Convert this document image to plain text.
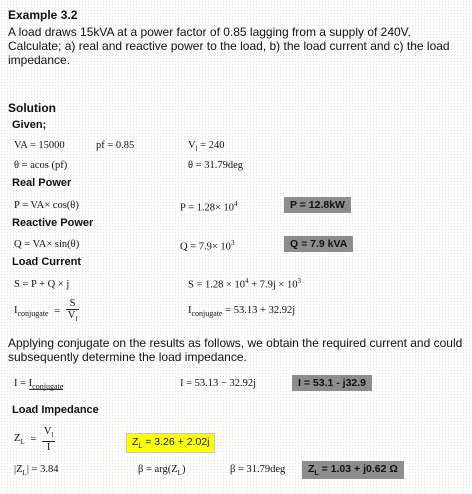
Example 3.2
A load draws 15kVA at a power factor of 0.85 lagging from a supply of 240V. Calculate; a) real and reactive power to the load, b) the load current and c) the load impedance.
Solution
Given;
VA = 15000	pf = 0.85	$V_l = 240$
θ = acos (pf)	θ = 31.79deg
Real Power
P = VA× cos(θ)	$P = 1.28\times 10^4$	P = 12.8kW
Reactive Power
Q = VA× sin(θ)	$Q = 7.9\times 10^3$	Q = 7.9 kVA
Load Current
S = P + Q × j	$S = 1.28 \times 10^4 + 7.9j \times 10^3$
$I_{conjugate} = \frac{S}{V_l}$	$I_{conjugate} = 53.13 + 32.92j$
Applying conjugate on the results as follows, we obtain the required current and could subsequently determine the load impedance.
$I = I_{conjugate}$	I = 53.13 − 32.92j	I = 53.1 - j32.9
Load Impedance
$Z_L = \frac{V_l}{I}$	$Z_L = 3.26 + 2.02j$
$|Z_L| = 3.84$	$\beta = arg(Z_L)$	β = 31.79deg	$Z_L = 1.03 + j0.62$ Ω
